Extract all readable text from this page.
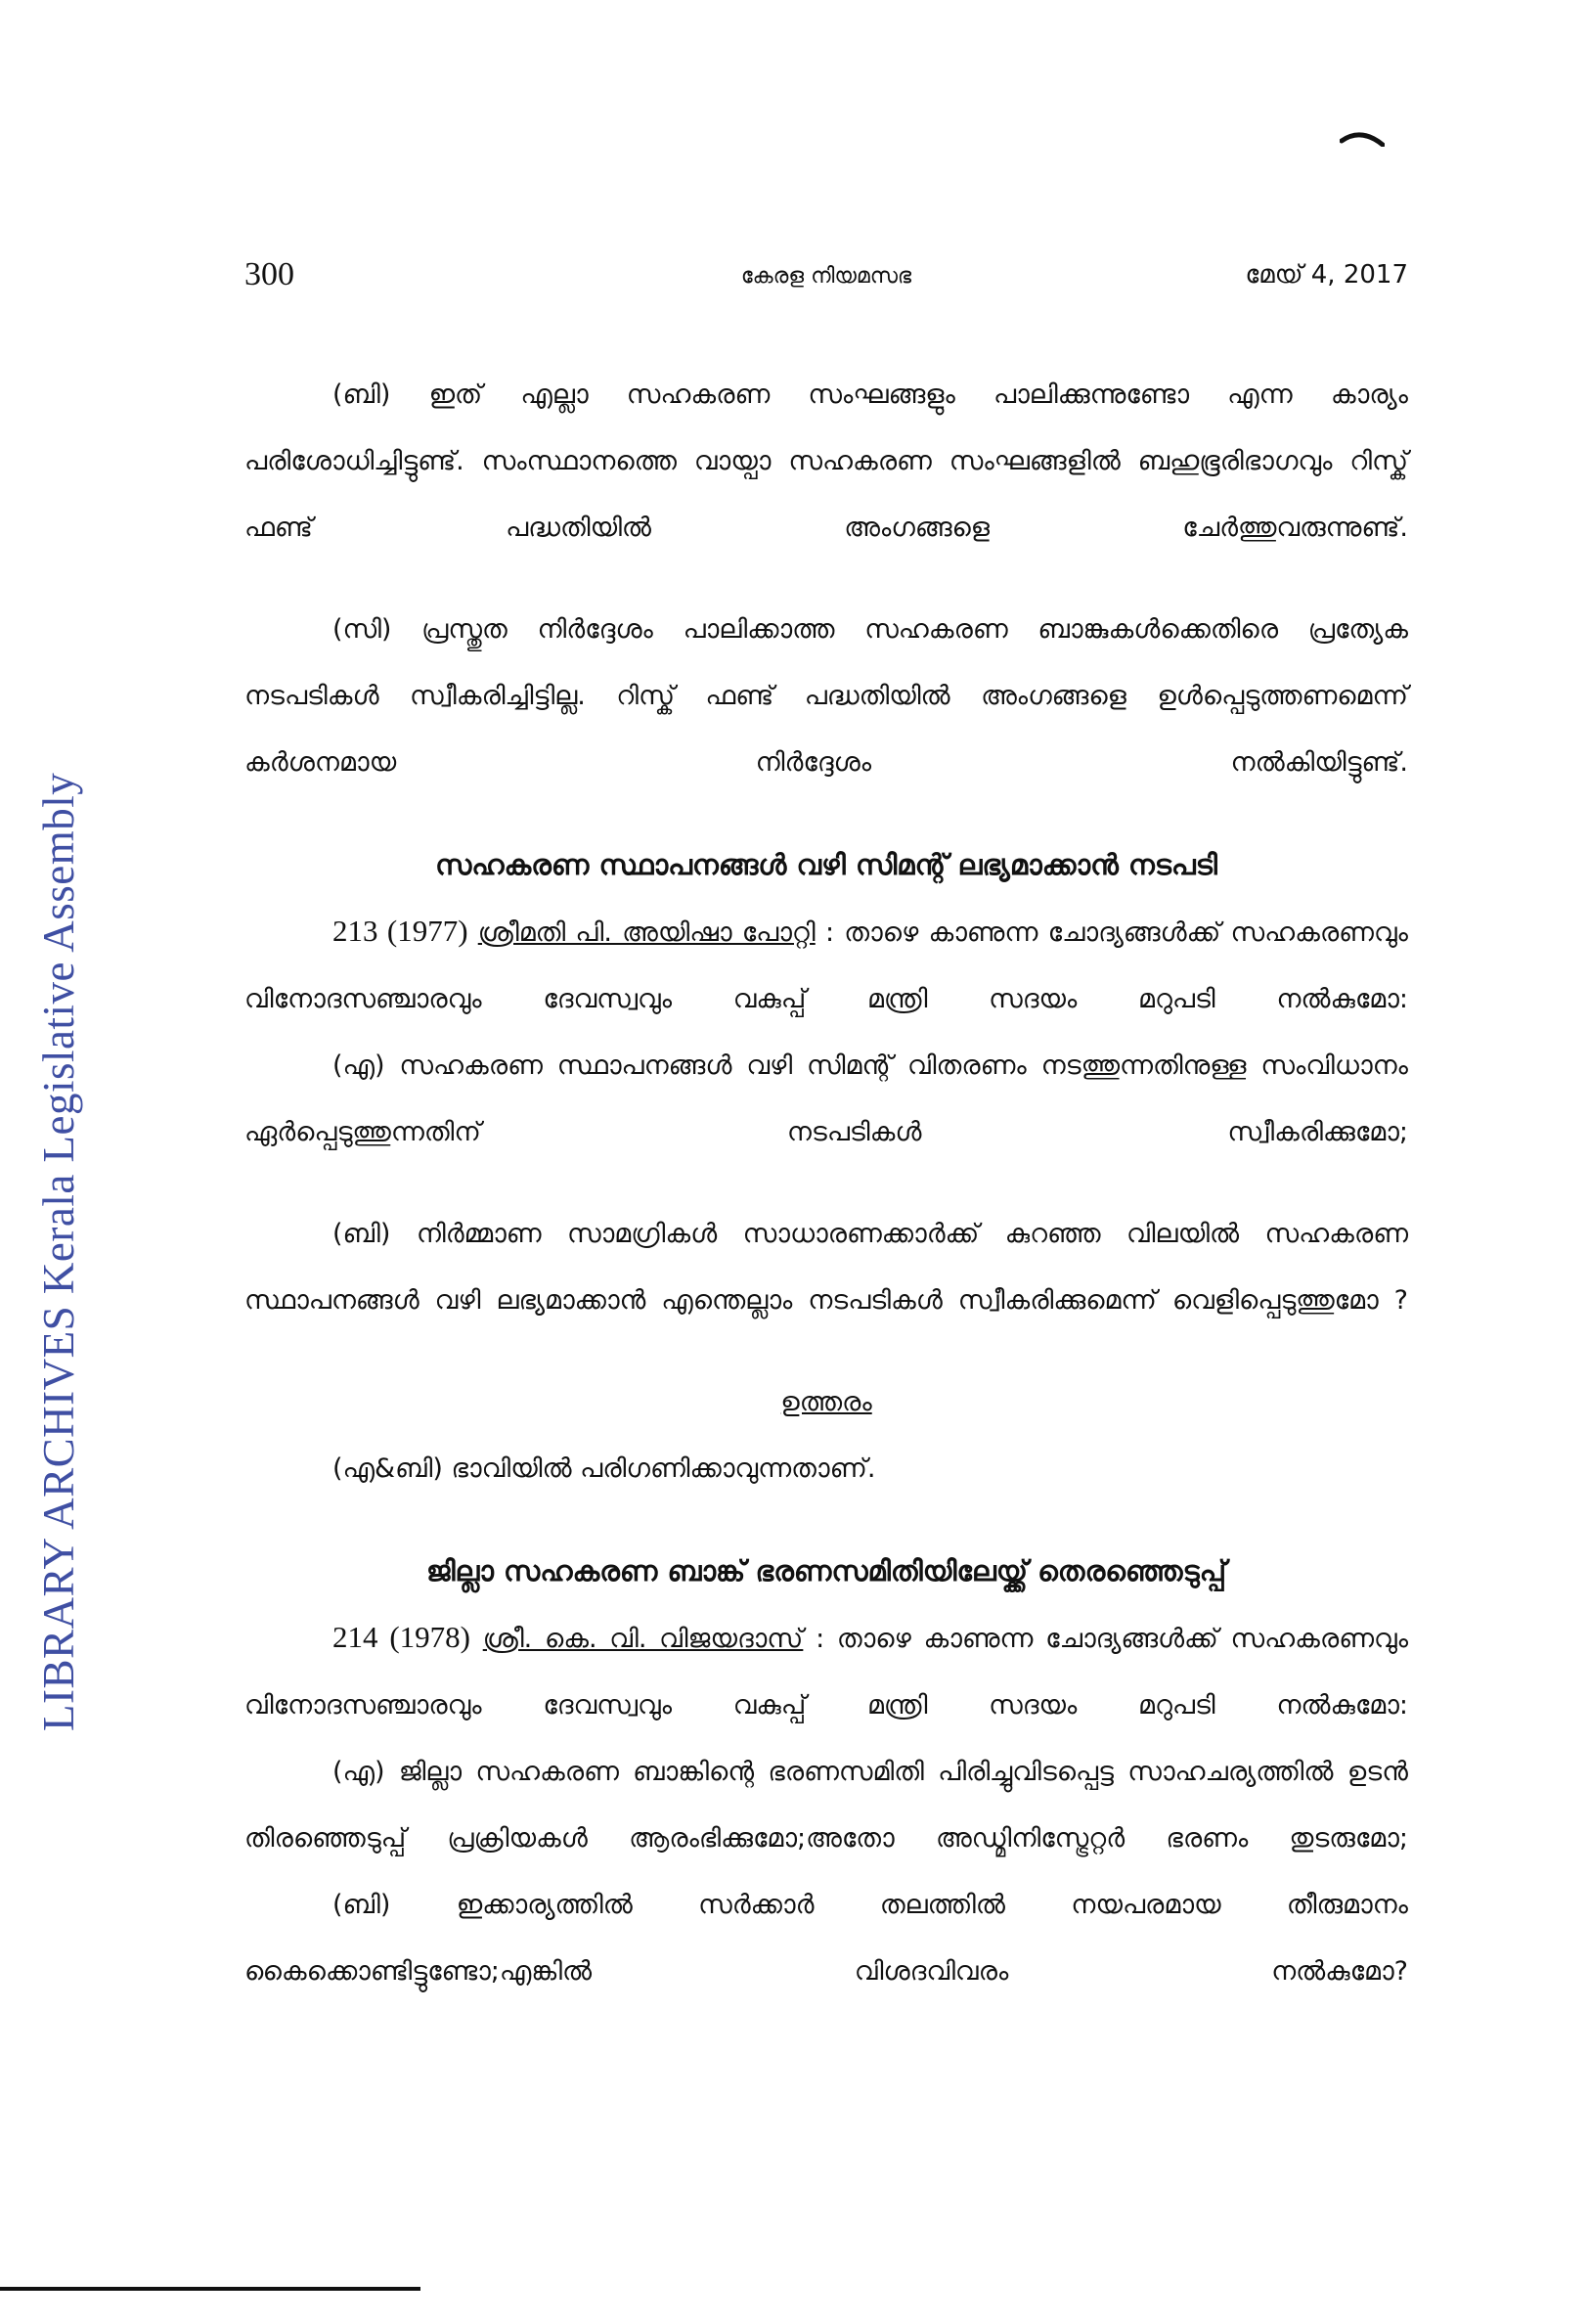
LIBRARY ARCHIVES Kerala Legislative Assembly
300	കേരള നിയമസഭ	മേയ് 4, 2017

(ബി) ഇത് എല്ലാ സഹകരണ സംഘങ്ങളും പാലിക്കുന്നുണ്ടോ എന്ന കാര്യം പരിശോധിച്ചിട്ടുണ്ട്. സംസ്ഥാനത്തെ വായ്പാ സഹകരണ സംഘങ്ങളിൽ ബഹുഭൂരിഭാഗവും റിസ്ക് ഫണ്ട് പദ്ധതിയിൽ അംഗങ്ങളെ ചേർത്തുവരുന്നുണ്ട്.

(സി) പ്രസ്തുത നിർദ്ദേശം പാലിക്കാത്ത സഹകരണ ബാങ്കുകൾക്കെതിരെ പ്രത്യേക നടപടികൾ സ്വീകരിച്ചിട്ടില്ല. റിസ്ക് ഫണ്ട് പദ്ധതിയിൽ അംഗങ്ങളെ ഉൾപ്പെടുത്തണമെന്ന് കർശനമായ നിർദ്ദേശം നൽകിയിട്ടുണ്ട്.

സഹകരണ സ്ഥാപനങ്ങൾ വഴി സിമന്റ് ലഭ്യമാക്കാൻ നടപടി

213 (1977) ശ്രീമതി പി. അയിഷാ പോറ്റി : താഴെ കാണുന്ന ചോദ്യങ്ങൾക്ക് സഹകരണവും വിനോദസഞ്ചാരവും ദേവസ്വവും വകുപ്പ് മന്ത്രി സദയം മറുപടി നൽകുമോ:

(എ) സഹകരണ സ്ഥാപനങ്ങൾ വഴി സിമന്റ് വിതരണം നടത്തുന്നതിനുള്ള സംവിധാനം ഏർപ്പെടുത്തുന്നതിന് നടപടികൾ സ്വീകരിക്കുമോ;

(ബി) നിർമ്മാണ സാമഗ്രികൾ സാധാരണക്കാർക്ക് കുറഞ്ഞ വിലയിൽ സഹകരണ സ്ഥാപനങ്ങൾ വഴി ലഭ്യമാക്കാൻ എന്തെല്ലാം നടപടികൾ സ്വീകരിക്കുമെന്ന് വെളിപ്പെടുത്തുമോ ?

ഉത്തരം

(എ&ബി) ഭാവിയിൽ പരിഗണിക്കാവുന്നതാണ്.

ജില്ലാ സഹകരണ ബാങ്ക് ഭരണസമിതിയിലേയ്ക്ക് തെരഞ്ഞെടുപ്പ്

214 (1978) ശ്രീ. കെ. വി. വിജയദാസ് : താഴെ കാണുന്ന ചോദ്യങ്ങൾക്ക് സഹകരണവും വിനോദസഞ്ചാരവും ദേവസ്വവും വകുപ്പ് മന്ത്രി സദയം മറുപടി നൽകുമോ:

(എ) ജില്ലാ സഹകരണ ബാങ്കിന്റെ ഭരണസമിതി പിരിച്ചുവിടപ്പെട്ട സാഹചര്യത്തിൽ ഉടൻ തിരഞ്ഞെടുപ്പ് പ്രക്രിയകൾ ആരംഭിക്കുമോ;അതോ അഡ്മിനിസ്ട്രേറ്റർ ഭരണം തുടരുമോ;

(ബി) ഇക്കാര്യത്തിൽ സർക്കാർ തലത്തിൽ നയപരമായ തീരുമാനം കൈക്കൊണ്ടിട്ടുണ്ടോ;എങ്കിൽ വിശദവിവരം നൽകുമോ?
